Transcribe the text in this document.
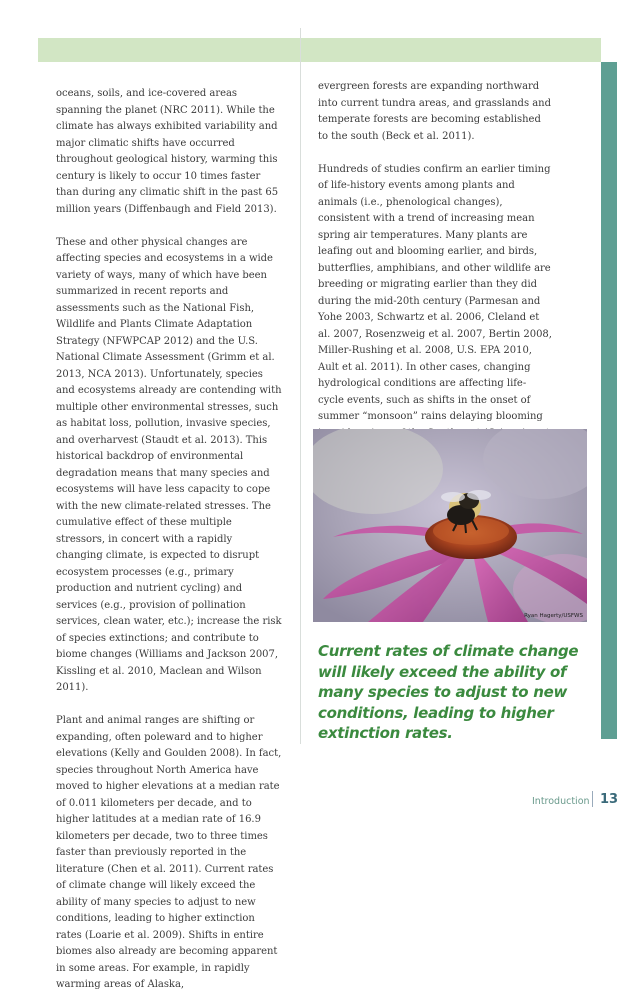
oceans, soils, and ice-covered areas spanning the planet (NRC 2011). While the climate has always exhibited variability and major climatic shifts have occurred throughout geological history, warming this century is likely to occur 10 times faster than during any climatic shift in the past 65 million years (Diffenbaugh and Field 2013).

These and other physical changes are affecting species and ecosystems in a wide variety of ways, many of which have been summarized in recent reports and assessments such as the National Fish, Wildlife and Plants Climate Adaptation Strategy (NFWPCAP 2012) and the U.S. National Climate Assessment (Grimm et al. 2013, NCA 2013). Unfortunately, species and ecosystems already are contending with multiple other environmental stresses, such as habitat loss, pollution, invasive species, and overharvest (Staudt et al. 2013). This historical backdrop of environmental degradation means that many species and ecosystems will have less capacity to cope with the new climate-related stresses. The cumulative effect of these multiple stressors, in concert with a rapidly changing climate, is expected to disrupt ecosystem processes (e.g., primary production and nutrient cycling) and services (e.g., provision of pollination services, clean water, etc.); increase the risk of species extinctions; and contribute to biome changes (Williams and Jackson 2007, Kissling et al. 2010, Maclean and Wilson 2011).

Plant and animal ranges are shifting or expanding, often poleward and to higher elevations (Kelly and Goulden 2008). In fact, species throughout North America have moved to higher elevations at a median rate of 0.011 kilometers per decade, and to higher latitudes at a median rate of 16.9 kilometers per decade, two to three times faster than previously reported in the literature (Chen et al. 2011). Current rates of climate change will likely exceed the ability of many species to adjust to new conditions, leading to higher extinction rates (Loarie et al. 2009). Shifts in entire biomes also already are becoming apparent in some areas. For example, in rapidly warming areas of Alaska,

evergreen forests are expanding northward into current tundra areas, and grasslands and temperate forests are becoming established to the south (Beck et al. 2011).

Hundreds of studies confirm an earlier timing of life-history events among plants and animals (i.e., phenological changes), consistent with a trend of increasing mean spring air temperatures. Many plants are leafing out and blooming earlier, and birds, butterflies, amphibians, and other wildlife are breeding or migrating earlier than they did during the mid-20th century (Parmesan and Yohe 2003, Schwartz et al. 2006, Cleland et al. 2007, Rosenzweig et al. 2007, Bertin 2008, Miller-Rushing et al. 2008, U.S. EPA 2010, Ault et al. 2011). In other cases, changing hydrological conditions are affecting life-cycle events, such as shifts in the onset of summer “monsoon” rains delaying blooming

Ryan Hagerty/USFWS
Current rates of climate change will likely exceed the ability of many species to adjust to new conditions, leading to higher extinction rates.
Introduction 13
